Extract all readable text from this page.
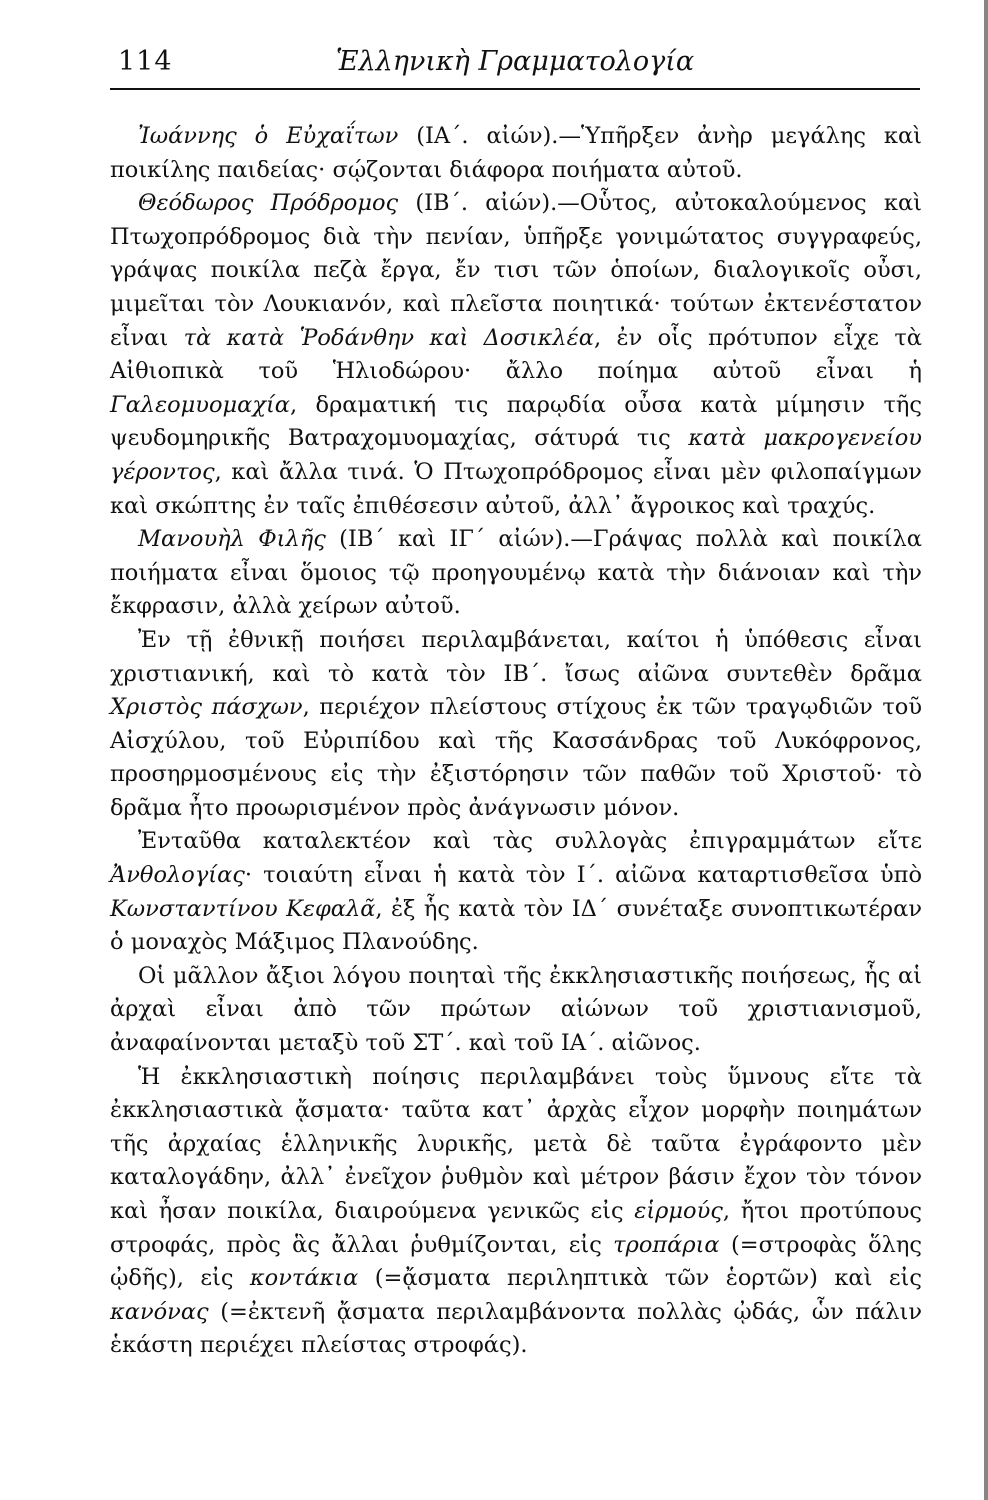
114	Ἑλληνικὴ Γραμματολογία

Ἰωάννης ὁ Εὐχαΐτων (ΙΑ΄. αἰών).—Ὑπῆρξεν ἀνὴρ μεγάλης καὶ ποικίλης παιδείας· σῴζονται διάφορα ποιήματα αὐτοῦ.

Θεόδωρος Πρόδρομος (ΙΒ΄. αἰών).—Οὗτος, αὐτοκαλούμενος καὶ Πτωχοπρόδρομος διὰ τὴν πενίαν, ὑπῆρξε γονιμώτατος συγγραφεύς, γράψας ποικίλα πεζὰ ἔργα, ἔν τισι τῶν ὁποίων, διαλογικοῖς οὖσι, μιμεῖται τὸν Λουκιανόν, καὶ πλεῖστα ποιητικά· τούτων ἐκτενέστατον εἶναι τὰ κατὰ Ῥοδάνθην καὶ Δοσικλέα, ἐν οἷς πρότυπον εἶχε τὰ Αἰθιοπικὰ τοῦ Ἡλιοδώρου· ἄλλο ποίημα αὐτοῦ εἶναι ἡ Γαλεομυομαχία, δραματική τις παρῳδία οὖσα κατὰ μίμησιν τῆς ψευδομηρικῆς Βατραχομυομαχίας, σάτυρά τις κατὰ μακρογενείου γέροντος, καὶ ἄλλα τινά. Ὁ Πτωχοπρόδρομος εἶναι μὲν φιλοπαίγμων καὶ σκώπτης ἐν ταῖς ἐπιθέσεσιν αὐτοῦ, ἀλλ᾽ ἄγροικος καὶ τραχύς.

Μανουὴλ Φιλῆς (ΙΒ΄ καὶ ΙΓ΄ αἰών).—Γράψας πολλὰ καὶ ποικίλα ποιήματα εἶναι ὅμοιος τῷ προηγουμένῳ κατὰ τὴν διάνοιαν καὶ τὴν ἔκφρασιν, ἀλλὰ χείρων αὐτοῦ.

Ἐν τῇ ἐθνικῇ ποιήσει περιλαμβάνεται, καίτοι ἡ ὑπόθεσις εἶναι χριστιανική, καὶ τὸ κατὰ τὸν ΙΒ΄. ἴσως αἰῶνα συντεθὲν δρᾶμα Χριστὸς πάσχων, περιέχον πλείστους στίχους ἐκ τῶν τραγῳδιῶν τοῦ Αἰσχύλου, τοῦ Εὐριπίδου καὶ τῆς Κασσάνδρας τοῦ Λυκόφρονος, προσηρμοσμένους εἰς τὴν ἐξιστόρησιν τῶν παθῶν τοῦ Χριστοῦ· τὸ δρᾶμα ἦτο προωρισμένον πρὸς ἀνάγνωσιν μόνον.

Ἐνταῦθα καταλεκτέον καὶ τὰς συλλογὰς ἐπιγραμμάτων εἴτε Ἀνθολογίας· τοιαύτη εἶναι ἡ κατὰ τὸν Ι΄. αἰῶνα καταρτισθεῖσα ὑπὸ Κωνσταντίνου Κεφαλᾶ, ἐξ ἧς κατὰ τὸν ΙΔ΄ συνέταξε συνοπτικωτέραν ὁ μοναχὸς Μάξιμος Πλανούδης.

Οἱ μᾶλλον ἄξιοι λόγου ποιηταὶ τῆς ἐκκλησιαστικῆς ποιήσεως, ἧς αἱ ἀρχαὶ εἶναι ἀπὸ τῶν πρώτων αἰώνων τοῦ χριστιανισμοῦ, ἀναφαίνονται μεταξὺ τοῦ ΣΤ΄. καὶ τοῦ ΙΑ΄. αἰῶνος.

Ἡ ἐκκλησιαστικὴ ποίησις περιλαμβάνει τοὺς ὕμνους εἴτε τὰ ἐκκλησιαστικὰ ᾄσματα· ταῦτα κατ᾽ ἀρχὰς εἶχον μορφὴν ποιημάτων τῆς ἀρχαίας ἑλληνικῆς λυρικῆς, μετὰ δὲ ταῦτα ἐγράφοντο μὲν καταλογάδην, ἀλλ᾽ ἐνεῖχον ῥυθμὸν καὶ μέτρον βάσιν ἔχον τὸν τόνον καὶ ἦσαν ποικίλα, διαιρούμενα γενικῶς εἰς εἱρμούς, ἤτοι προτύπους στροφάς, πρὸς ἃς ἄλλαι ῥυθμίζονται, εἰς τροπάρια (=στροφὰς ὅλης ᾠδῆς), εἰς κοντάκια (=ᾄσματα περιληπτικὰ τῶν ἑορτῶν) καὶ εἰς κανόνας (=ἐκτενῆ ᾄσματα περιλαμβάνοντα πολλὰς ᾠδάς, ὧν πάλιν ἑκάστη περιέχει πλείστας στροφάς).
